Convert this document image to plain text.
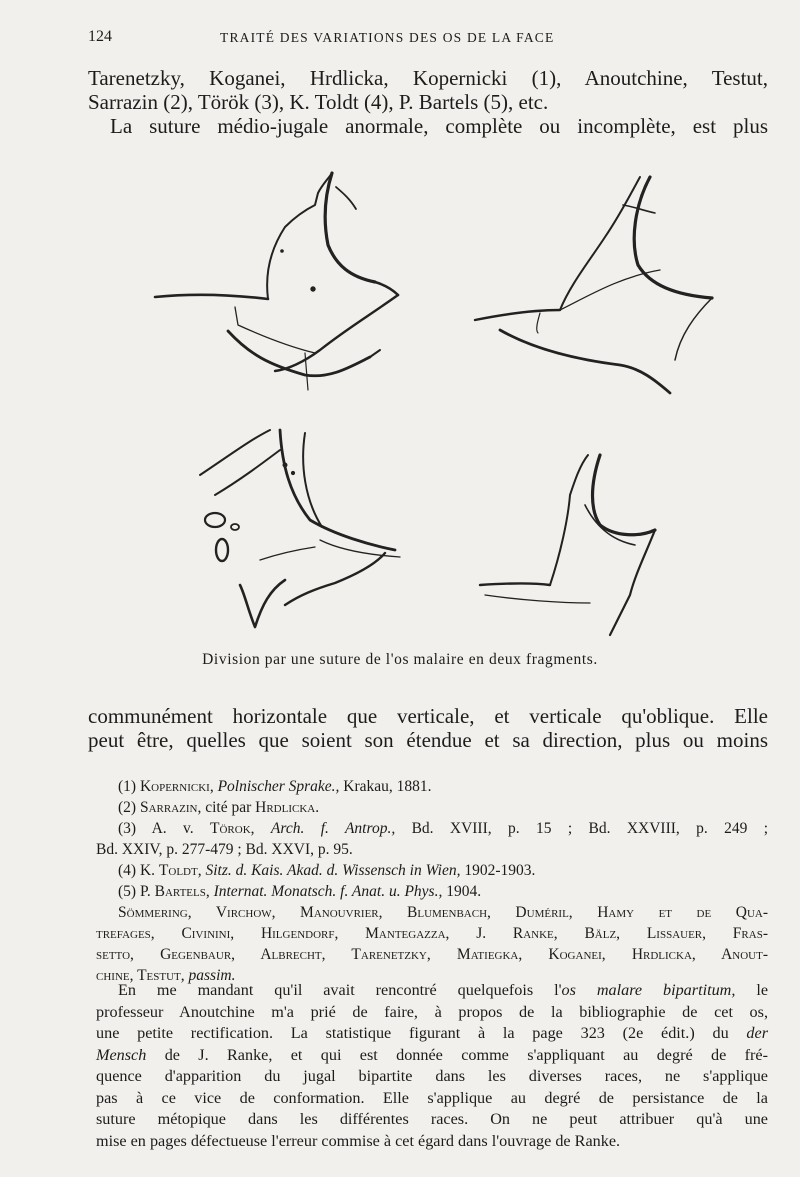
124	TRAITÉ DES VARIATIONS DES OS DE LA FACE
Tarenetzky, Koganei, Hrdlicka, Kopernicki (1), Anoutchine, Testut,
Sarrazin (2), Török (3), K. Toldt (4), P. Bartels (5), etc.
La suture médio-jugale anormale, complète ou incomplète, est plus
Division par une suture de l'os malaire en deux fragments.
communément horizontale que verticale, et verticale qu'oblique. Elle
peut être, quelles que soient son étendue et sa direction, plus ou moins
(1) Kopernicki, Polnischer Sprake., Krakau, 1881.
(2) Sarrazin, cité par Hrdlicka.
(3) A. v. Törok, Arch. f. Antrop., Bd. XVIII, p. 15 ; Bd. XXVIII, p. 249 ;
Bd. XXIV, p. 277-479 ; Bd. XXVI, p. 95.
(4) K. Toldt, Sitz. d. Kais. Akad. d. Wissensch in Wien, 1902-1903.
(5) P. Bartels, Internat. Monatsch. f. Anat. u. Phys., 1904.
Sömmering, Virchow, Manouvrier, Blumenbach, Duméril, Hamy et de Qua-
trefages, Civinini, Hilgendorf, Mantegazza, J. Ranke, Bälz, Lissauer, Fras-
setto, Gegenbaur, Albrecht, Tarenetzky, Matiegka, Koganei, Hrdlicka, Anout-
chine, Testut, passim.
En me mandant qu'il avait rencontré quelquefois l'os malare bipartitum, le
professeur Anoutchine m'a prié de faire, à propos de la bibliographie de cet os,
une petite rectification. La statistique figurant à la page 323 (2e édit.) du der
Mensch de J. Ranke, et qui est donnée comme s'appliquant au degré de fré-
quence d'apparition du jugal bipartite dans les diverses races, ne s'applique
pas à ce vice de conformation. Elle s'applique au degré de persistance de la
suture métopique dans les différentes races. On ne peut attribuer qu'à une
mise en pages défectueuse l'erreur commise à cet égard dans l'ouvrage de Ranke.
